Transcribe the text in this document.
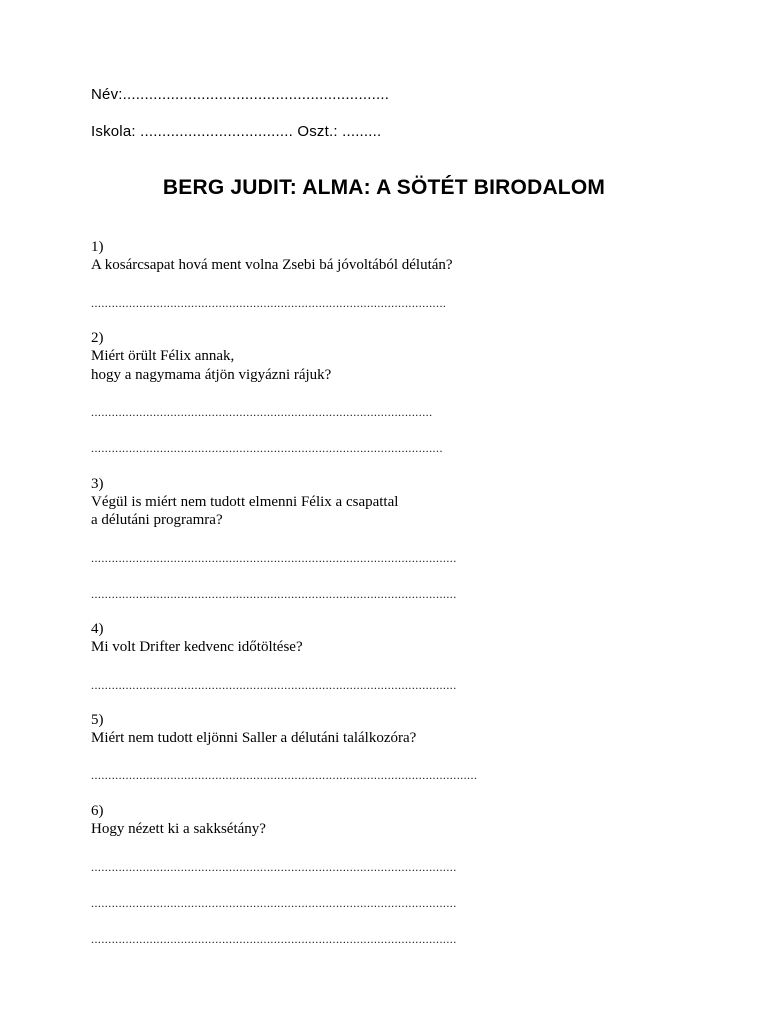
Név:.............................................................
Iskola: ................................... Oszt.: .........
BERG JUDIT: ALMA: A SÖTÉT BIRODALOM
1)
A kosárcsapat hová ment volna Zsebi bá jóvoltából délután?
.......................................................................................................
2)
Miért örült Félix annak,
hogy a nagymama átjön vigyázni rájuk?
...................................................................................................
......................................................................................................
3)
Végül is miért nem tudott elmenni Félix a csapattal
a délutáni programra?
..........................................................................................................
..........................................................................................................
4)
Mi volt Drifter kedvenc időtöltése?
..........................................................................................................
5)
Miért nem tudott eljönni Saller a délutáni találkozóra?
................................................................................................................
6)
Hogy nézett ki a sakksétány?
..........................................................................................................
..........................................................................................................
..........................................................................................................
